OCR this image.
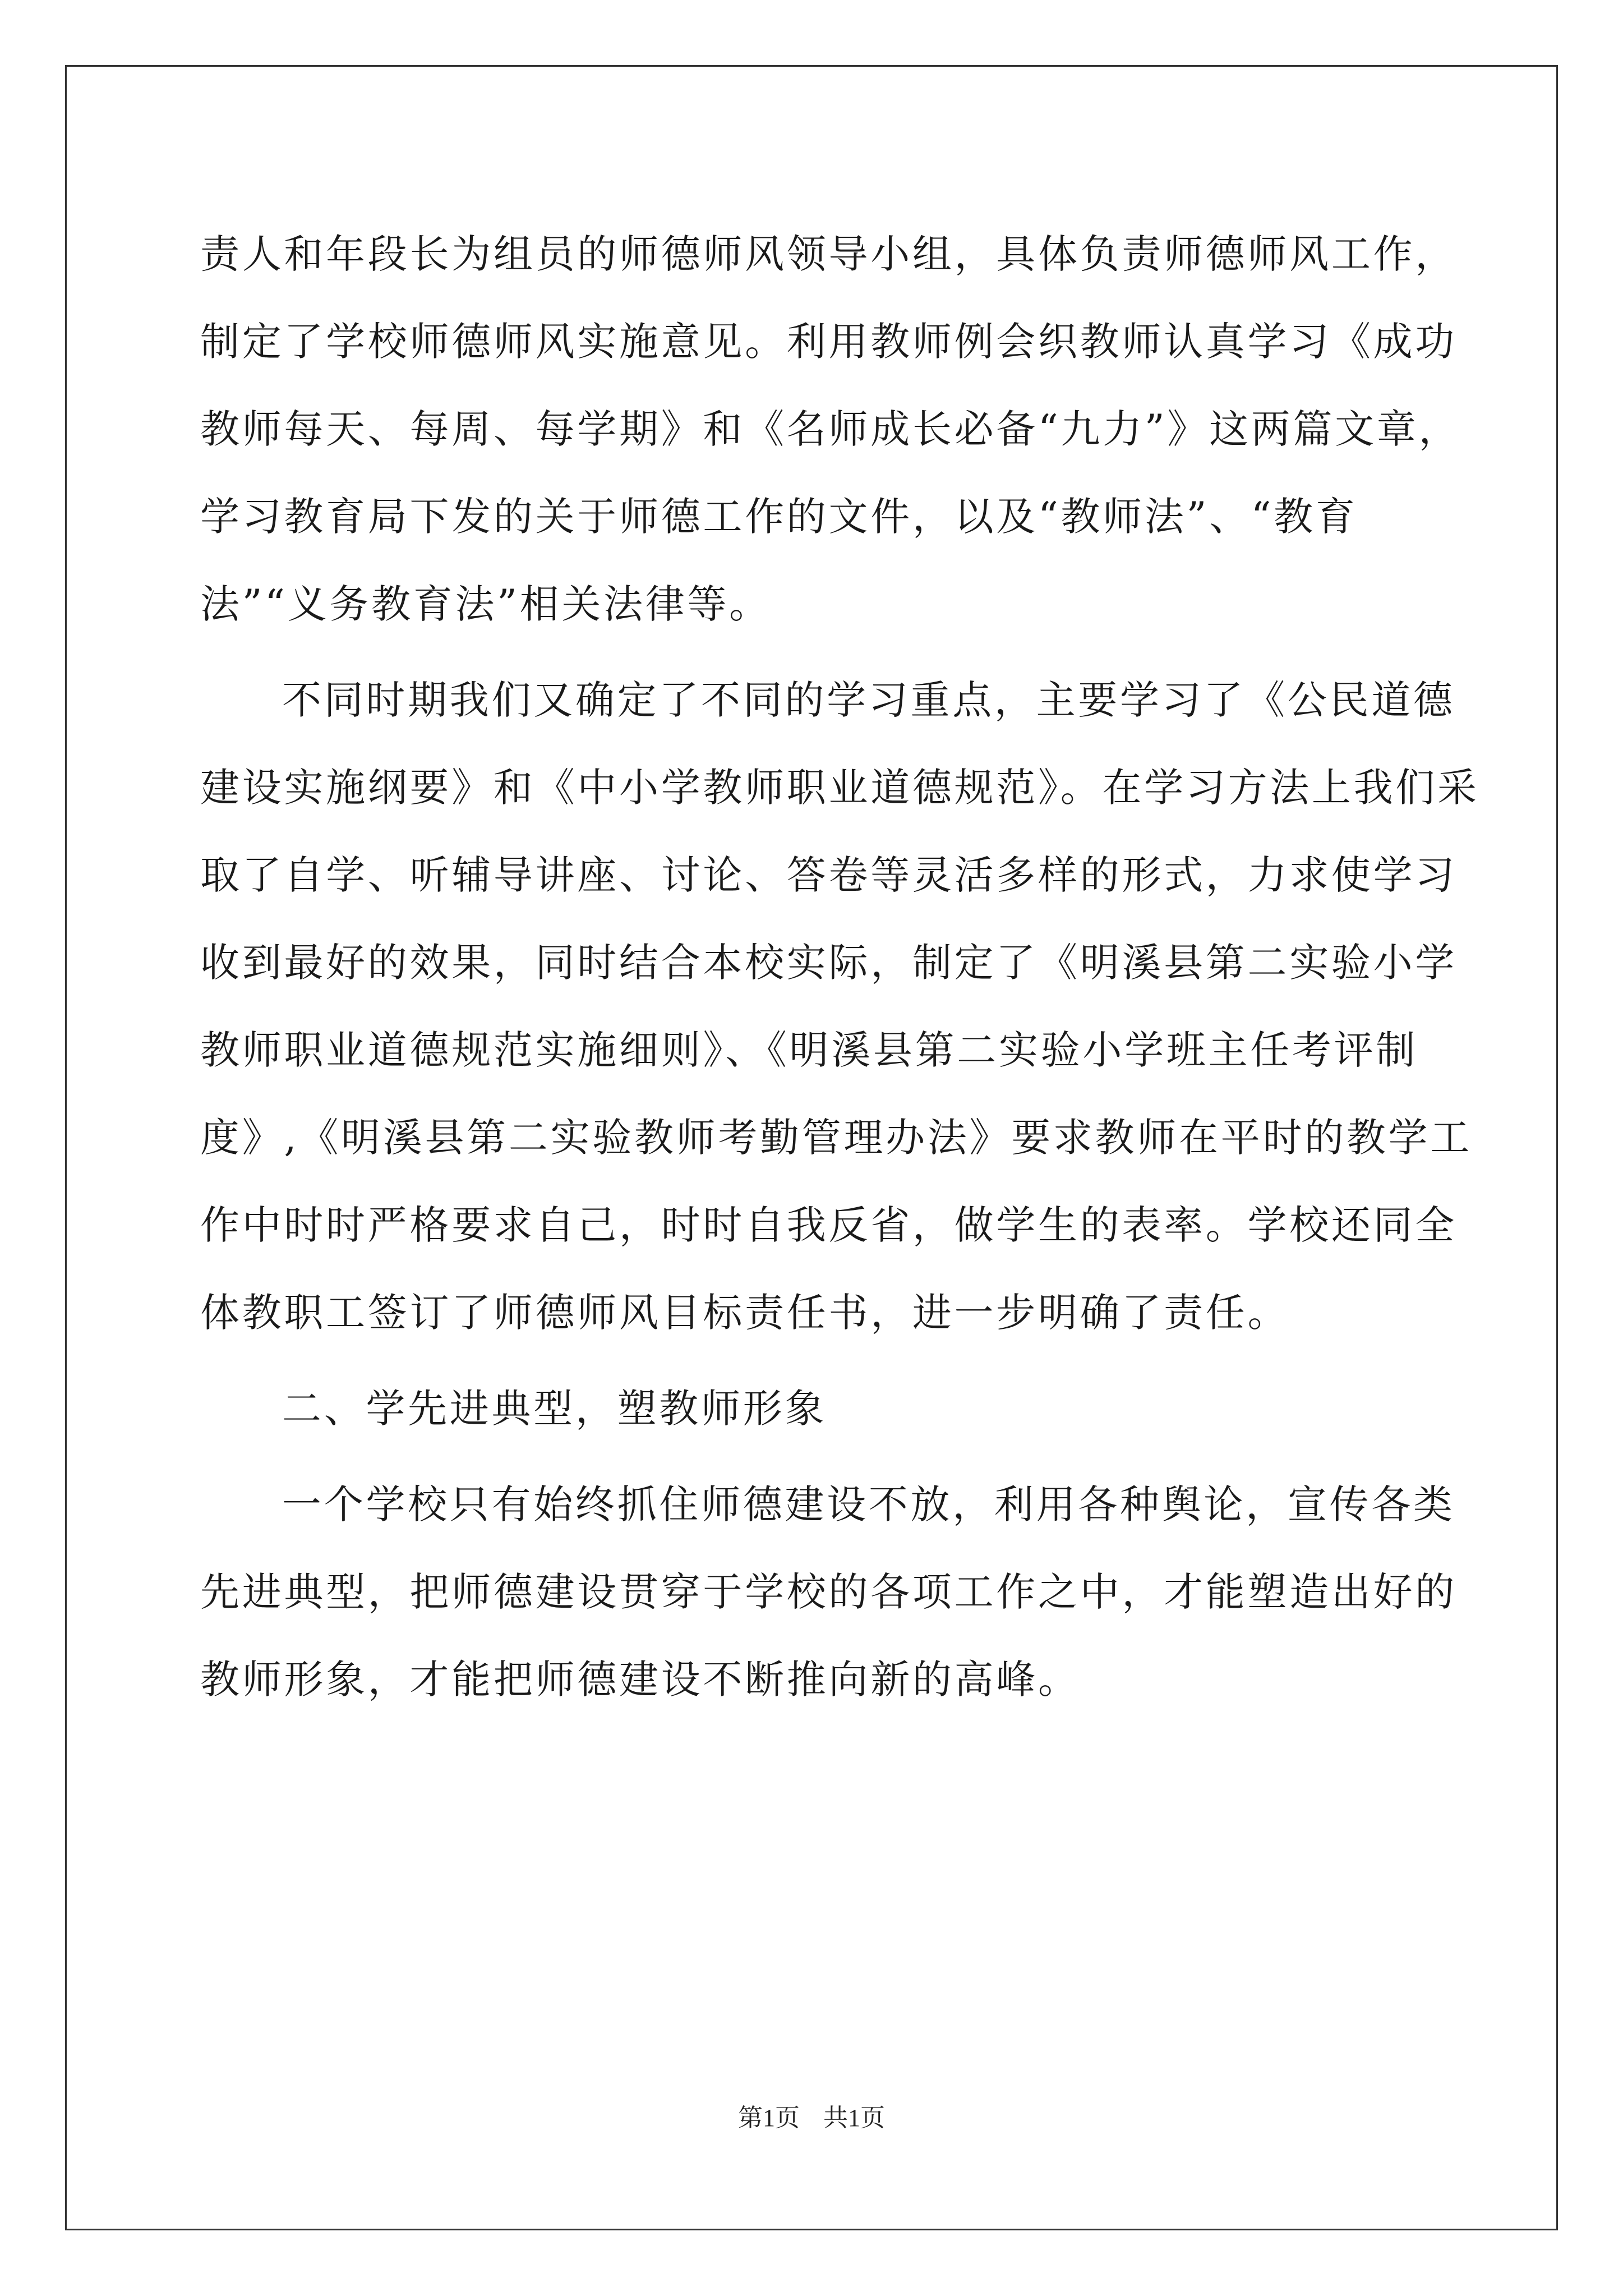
责人和年段长为组员的师德师风领导小组，具体负责师德师风工作，
制定了学校师德师风实施意见。利用教师例会织教师认真学习《成功
教师每天、每周、每学期》和《名师成长必备“九力”》这两篇文章，
学习教育局下发的关于师德工作的文件，以及“教师法”、“教育
法”“义务教育法”相关法律等。
不同时期我们又确定了不同的学习重点，主要学习了《公民道德
建设实施纲要》和《中小学教师职业道德规范》。在学习方法上我们采
取了自学、听辅导讲座、讨论、答卷等灵活多样的形式，力求使学习
收到最好的效果，同时结合本校实际，制定了《明溪县第二实验小学
教师职业道德规范实施细则》、《明溪县第二实验小学班主任考评制
度》,《明溪县第二实验教师考勤管理办法》要求教师在平时的教学工
作中时时严格要求自己，时时自我反省，做学生的表率。学校还同全
体教职工签订了师德师风目标责任书，进一步明确了责任。
二、学先进典型，塑教师形象
一个学校只有始终抓住师德建设不放，利用各种舆论，宣传各类
先进典型，把师德建设贯穿于学校的各项工作之中，才能塑造出好的
教师形象，才能把师德建设不断推向新的高峰。
第1页 共1页
